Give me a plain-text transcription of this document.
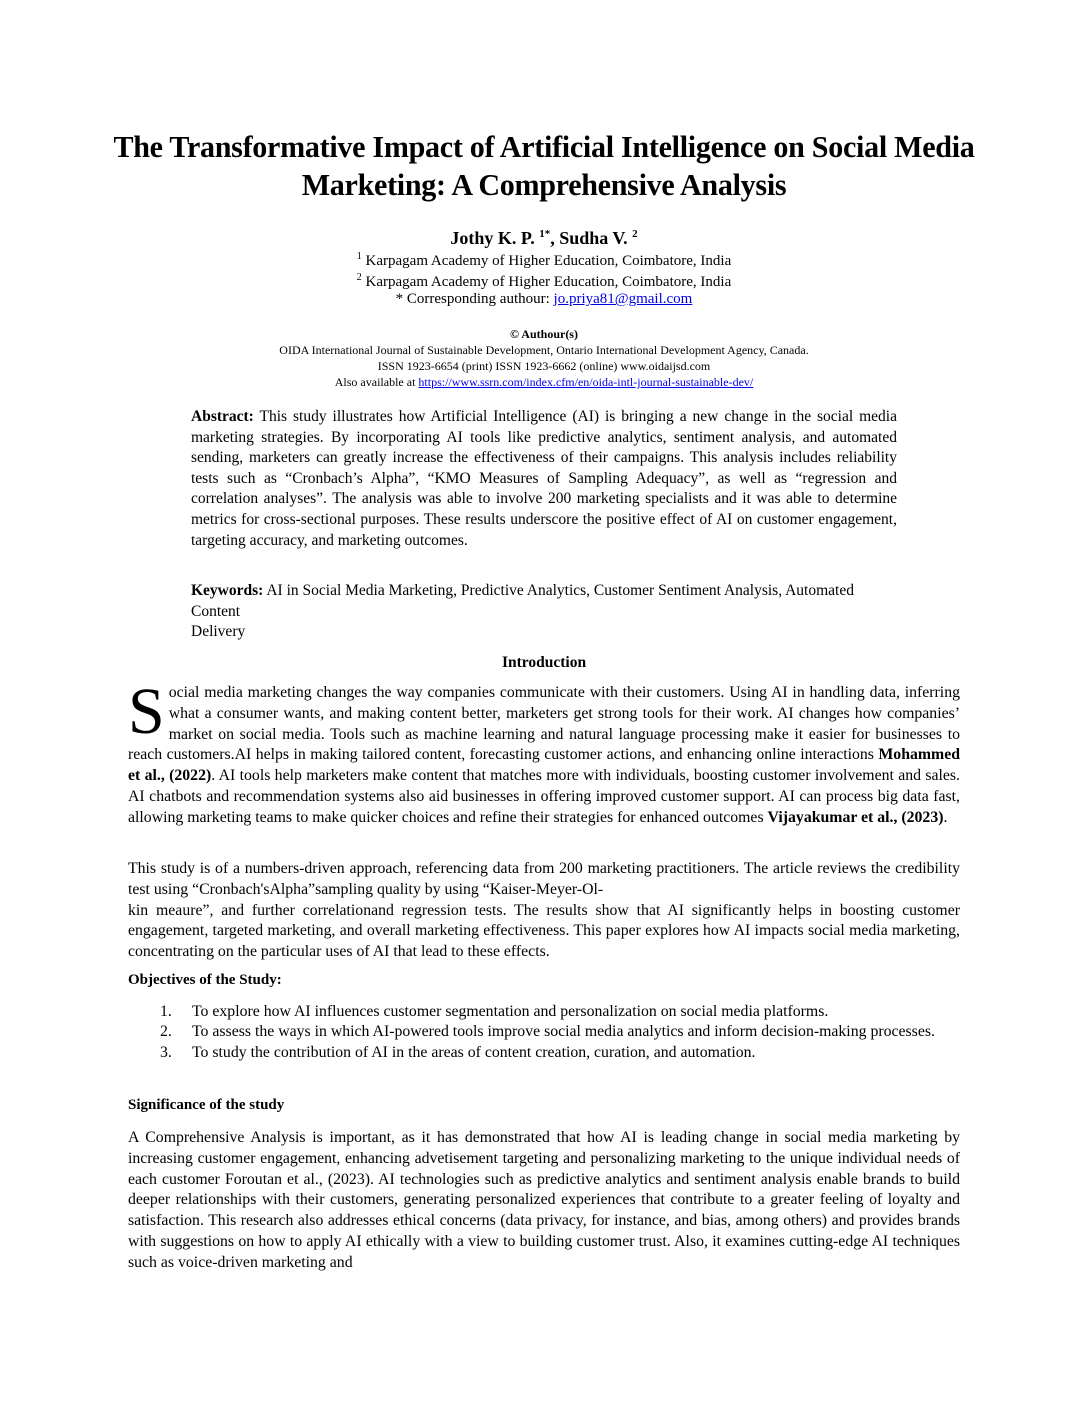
The Transformative Impact of Artificial Intelligence on Social Media Marketing: A Comprehensive Analysis
Jothy K. P. $^{1*}$, Sudha V. $^2$
$^1$ Karpagam Academy of Higher Education, Coimbatore, India
$^2$ Karpagam Academy of Higher Education, Coimbatore, India
* Corresponding authour: jo.priya81@gmail.com
© Authour(s)
OIDA International Journal of Sustainable Development, Ontario International Development Agency, Canada.
ISSN 1923-6654 (print) ISSN 1923-6662 (online) www.oidaijsd.com
Also available at https://www.ssrn.com/index.cfm/en/oida-intl-journal-sustainable-dev/
Abstract: This study illustrates how Artificial Intelligence (AI) is bringing a new change in the social media marketing strategies. By incorporating AI tools like predictive analytics, sentiment analysis, and automated sending, marketers can greatly increase the effectiveness of their campaigns. This analysis includes reliability tests such as “Cronbach’s Alpha”, “KMO Measures of Sampling Adequacy”, as well as “regression and correlation analyses”. The analysis was able to involve 200 marketing specialists and it was able to determine metrics for cross-sectional purposes. These results underscore the positive effect of AI on customer engagement, targeting accuracy, and marketing outcomes.
Keywords: AI in Social Media Marketing, Predictive Analytics, Customer Sentiment Analysis, Automated Content
Delivery
Introduction
Social media marketing changes the way companies communicate with their customers. Using AI in handling data, inferring what a consumer wants, and making content better, marketers get strong tools for their work. AI changes how companies’ market on social media. Tools such as machine learning and natural language processing make it easier for businesses to reach customers.AI helps in making tailored content, forecasting customer actions, and enhancing online interactions Mohammed et al., (2022). AI tools help marketers make content that matches more with individuals, boosting customer involvement and sales. AI chatbots and recommendation systems also aid businesses in offering improved customer support. AI can process big data fast, allowing marketing teams to make quicker choices and refine their strategies for enhanced outcomes Vijayakumar et al., (2023).
This study is of a numbers-driven approach, referencing data from 200 marketing practitioners. The article reviews the credibility test using “Cronbach'sAlpha”sampling quality by using “Kaiser-Meyer-Ol-
kin meaure”, and further correlationand regression tests. The results show that AI significantly helps in boosting customer engagement, targeted marketing, and overall marketing effectiveness. This paper explores how AI impacts social media marketing, concentrating on the particular uses of AI that lead to these effects.
Objectives of the Study:
1. To explore how AI influences customer segmentation and personalization on social media platforms.
2. To assess the ways in which AI-powered tools improve social media analytics and inform decision-making processes.
3. To study the contribution of AI in the areas of content creation, curation, and automation.
Significance of the study
A Comprehensive Analysis is important, as it has demonstrated that how AI is leading change in social media marketing by increasing customer engagement, enhancing advetisement targeting and personalizing marketing to the unique individual needs of each customer Foroutan et al., (2023). AI technologies such as predictive analytics and sentiment analysis enable brands to build deeper relationships with their customers, generating personalized experiences that contribute to a greater feeling of loyalty and satisfaction. This research also addresses ethical concerns (data privacy, for instance, and bias, among others) and provides brands with suggestions on how to apply AI ethically with a view to building customer trust. Also, it examines cutting-edge AI techniques such as voice-driven marketing and
